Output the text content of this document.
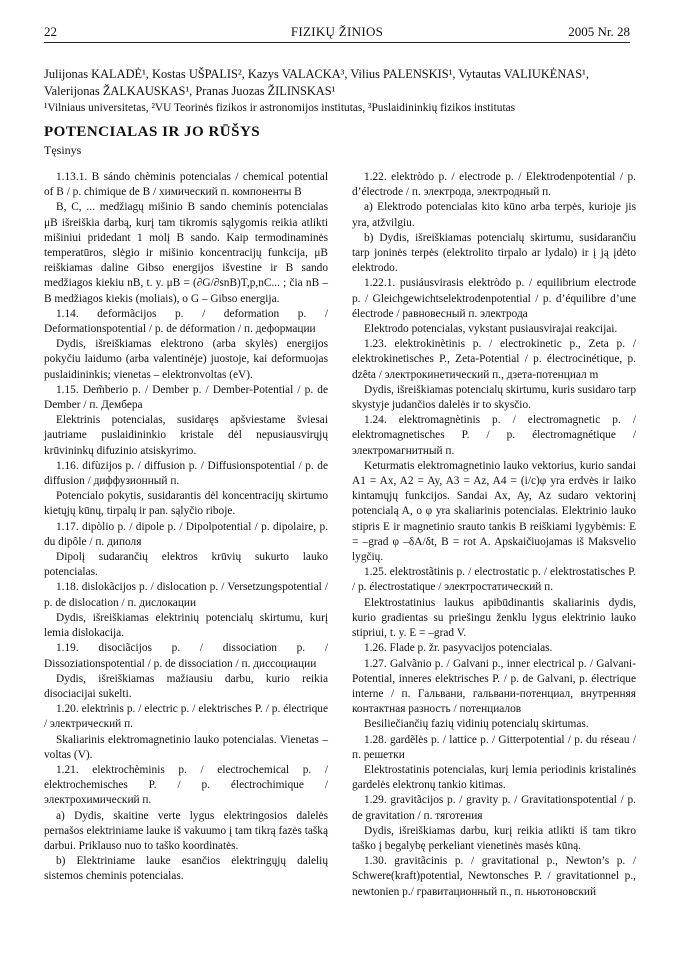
22	FIZIKŲ ŽINIOS	2005 Nr. 28
Julijonas KALADĖ¹, Kostas UŠPALIS², Kazys VALACKA³, Vilius PALENSKIS¹, Vytautas VALIUKĖNAS¹,
Valerijonas ŽALKAUSKAS¹, Pranas Juozas ŽILINSKAS¹
¹Vilniaus universitetas, ²VU Teorinės fizikos ir astronomijos institutas, ³Puslaidininkių fizikos institutas
POTENCIALAS IR JO RŪŠYS
Tęsinys

1.13.1. B sándo chèminis potencialas / chemical potential of B / p. chimique de B / химический п. компоненты B

B, C, ... medžiagų mišinio B sando cheminis potencialas μB išreiškia darbą, kurį tam tikromis sąlygomis reikia atlikti mišiniui pridedant 1 molį B sando. Kaip termodinaminės temperatūros, slėgio ir mišinio koncentracijų funkcija, μB reiškiamas daline Gibso energijos išvestine ir B sando medžiagos kiekiu nB, t. y. μB = (∂G/∂snB)T,p,nC... ; čia nB – B medžiagos kiekis (moliais), o G – Gibso energija.

1.14. deformãcijos p. / deformation p. / Deformationspotential / p. de déformation / п. деформации

Dydis, išreiškiamas elektrono (arba skylės) energijos pokyčiu laidumo (arba valentinėje) juostoje, kai deformuojas puslaidininkis; vienetas – elektronvoltas (eV).

1.15. Dem̃berio p. / Dember p. / Dember-Potential / p. de Dember / п. Дембера

Elektrinis potencialas, susidaręs apšviestame šviesai jautriame puslaidininkio kristale dėl nepusiausvirųjų krūvininkų difuzinio atsiskyrimo.

1.16. difùzijos p. / diffusion p. / Diffusionspotential / p. de diffusion / диффузионный п.

Potencialo pokytis, susidarantis dėl koncentracijų skirtumo kietųjų kūnų, tirpalų ir pan. sąlyčio riboje.

1.17. dipòlio p. / dipole p. / Dipolpotential / p. dipolaire, p. du dipôle / п. диполя

Dipolį sudarančių elektros krūvių sukurto lauko potencialas.

1.18. dislokãcijos p. / dislocation p. / Versetzungspotential / p. de dislocation / п. дислокации

Dydis, išreiškiamas elektrinių potencialų skirtumu, kurį lemia dislokacija.

1.19. disociãcijos p. / dissociation p. / Dissoziationspotential / p. de dissociation / п. диссоциации

Dydis, išreiškiamas mažiausiu darbu, kurio reikia disociacijai sukelti.

1.20. elektrìnis p. / electric p. / elektrisches P. / p. électrique / электрический п.

Skaliarinis elektromagnetinio lauko potencialas. Vienetas – voltas (V).

1.21. elektrochèminis p. / electrochemical p. / elektrochemisches P. / p. électrochimique / электрохимический п.

a) Dydis, skaitine verte lygus elektringosios dalelės pernašos elektriniame lauke iš vakuumo į tam tikrą fazės tašką darbui. Priklauso nuo to taško koordinatės.

b) Elektriniame lauke esančios elektringųjų dalelių sistemos cheminis potencialas.

1.22. elektròdo p. / electrode p. / Elektrodenpotential / p. d’électrode / п. электрода, электродный п.

a) Elektrodo potencialas kito kūno arba terpės, kurioje jis yra, atžvilgiu.

b) Dydis, išreiškiamas potencialų skirtumu, susidarančiu tarp joninės terpės (elektrolito tirpalo ar lydalo) ir į ją įdėto elektrodo.

1.22.1. pusiáusvirasis elektròdo p. / equilibrium electrode p. / Gleichgewichtselektrodenpotential / p. d’équilibre d’une électrode / равновесный п. электрода

Elektrodo potencialas, vykstant pusiausvirajai reakcijai.

1.23. elektrokinètinis p. / electrokinetic p., Zeta p. / elektrokinetisches P., Zeta-Potential / p. électrocinétique, p. dzêta / электрокинетический п., дзета-потенциал m

Dydis, išreiškiamas potencialų skirtumu, kuris susidaro tarp skystyje judančios dalelės ir to skysčio.

1.24. elektromagnètinis p. / electromagnetic p. / elektromagnetisches P. / p. électromagnétique / электромагнитный п.

Keturmatis elektromagnetinio lauko vektorius, kurio sandai A1 = Ax, A2 = Ay, A3 = Az, A4 = (i/c)φ yra erdvės ir laiko kintamųjų funkcijos. Sandai Ax, Ay, Az sudaro vektorinį potencialą A, o φ yra skaliarinis potencialas. Elektrinio lauko stipris E ir magnetinio srauto tankis B reiškiami lygybėmis: E = –grad φ –δA/δt, B = rot A. Apskaičiuojamas iš Maksvelio lygčių.

1.25. elektrostãtinis p. / electrostatic p. / elektrostatisches P. / p. électrostatique / электростатический п.

Elektrostatinius laukus apibūdinantis skaliarinis dydis, kurio gradientas su priešingu ženklu lygus elektrinio lauko stipriui, t. y. E = –grad V.

1.26. Flade p. žr. pasyvacijos potencialas.

1.27. Galvãnio p. / Galvani p., inner electrical p. / Galvani-Potential, inneres elektrisches P. / p. de Galvani, p. électrique interne / п. Гальвани, гальвани-потенциал, внутренняя контактная разность / потенциалов

Besiliečiančių fazių vidinių potencialų skirtumas.

1.28. gardẽlės p. / lattice p. / Gitterpotential / p. du réseau / п. решетки

Elektrostatinis potencialas, kurį lemia periodinis kristalinės gardelės elektronų tankio kitimas.

1.29. gravitãcijos p. / gravity p. / Gravitationspotential / p. de gravitation / п. тяготения

Dydis, išreiškiamas darbu, kurį reikia atlikti iš tam tikro taško į begalybę perkeliant vienetinės masės kūną.

1.30. gravitãcinis p. / gravitational p., Newton’s p. / Schwere(kraft)potential, Newtonsches P. / gravitationnel p., newtonien p./ гравитационный п., п. ньютоновский
